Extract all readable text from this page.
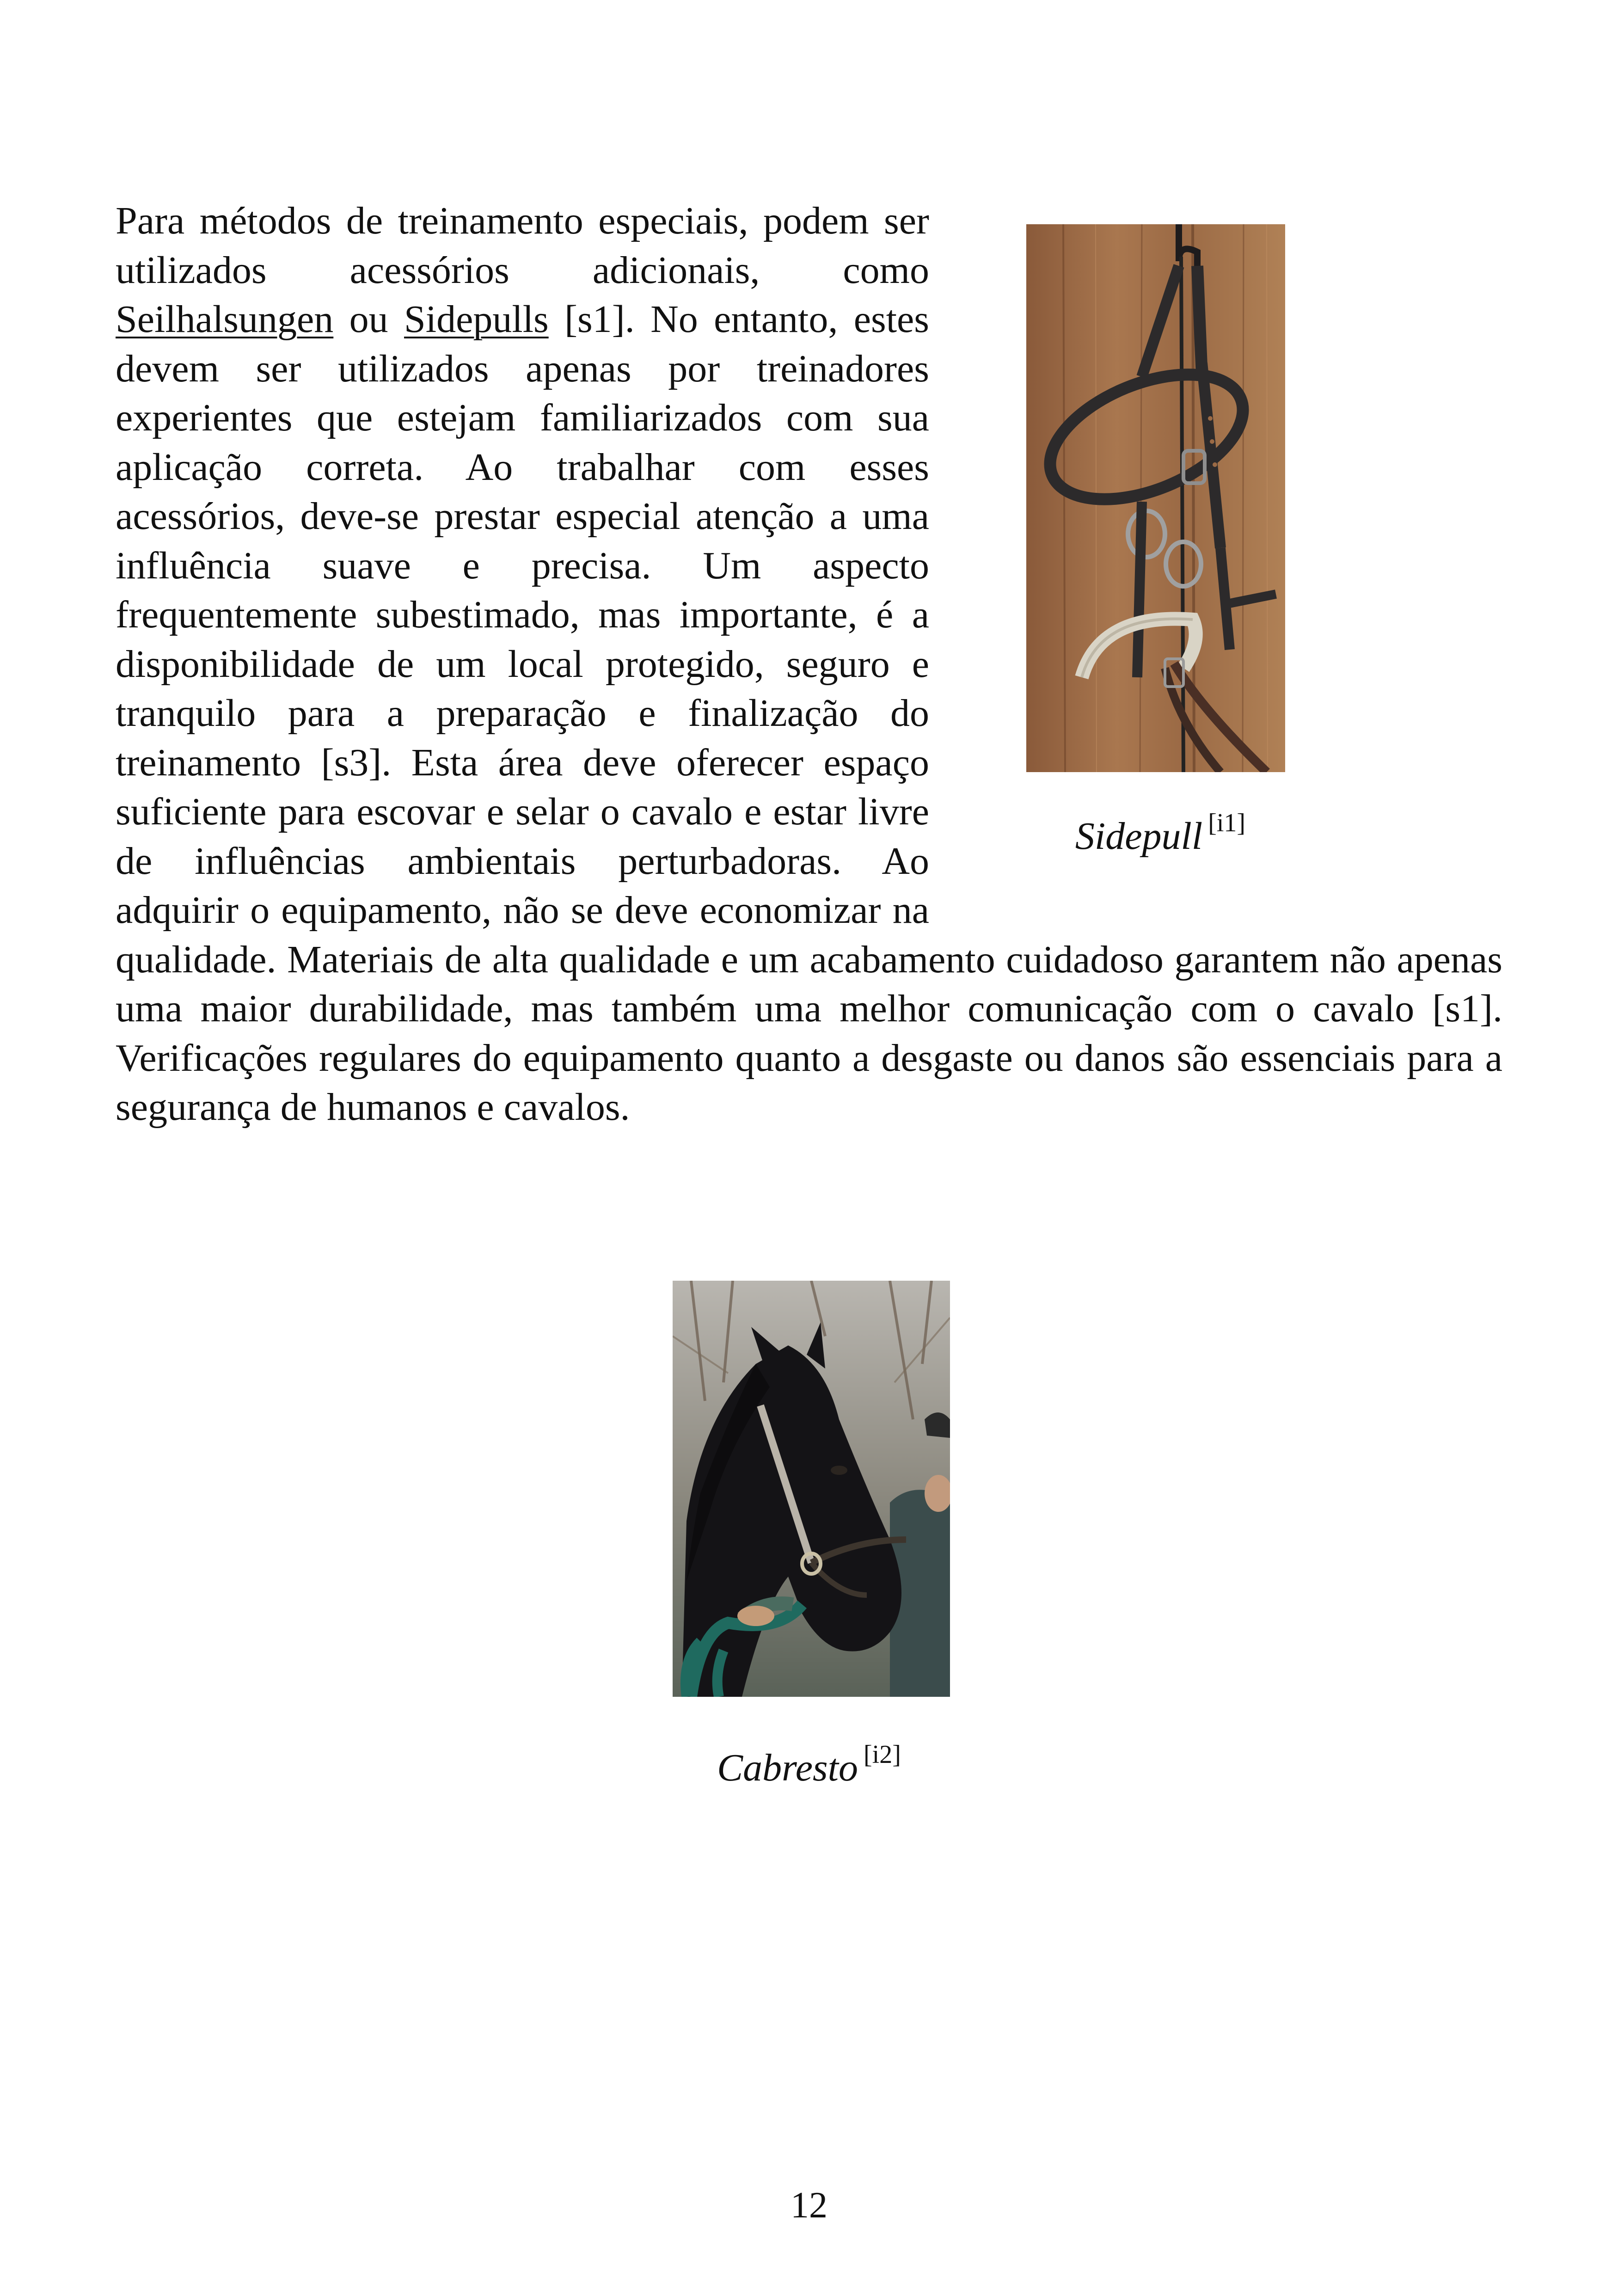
Sidepull [i1]
Para métodos de treinamento especiais, podem ser utilizados acessórios adicionais, como Seilhalsungen ou Sidepulls [s1]. No entanto, estes devem ser utilizados apenas por treinadores experientes que estejam familiarizados com sua aplicação correta. Ao trabalhar com esses acessórios, deve-se prestar especial atenção a uma influência suave e precisa. Um aspecto frequentemente subestimado, mas importante, é a disponibilidade de um local protegido, seguro e tranquilo para a preparação e finalização do treinamento [s3]. Esta área deve oferecer espaço suficiente para escovar e selar o cavalo e estar livre de influências ambientais perturbadoras. Ao adquirir o equipamento, não se deve economizar na qualidade. Materiais de alta qualidade e um acabamento cuidadoso garantem não apenas uma maior durabilidade, mas também uma melhor comunicação com o cavalo [s1]. Verificações regulares do equipamento quanto a desgaste ou danos são essenciais para a segurança de humanos e cavalos.
Cabresto [i2]
12
